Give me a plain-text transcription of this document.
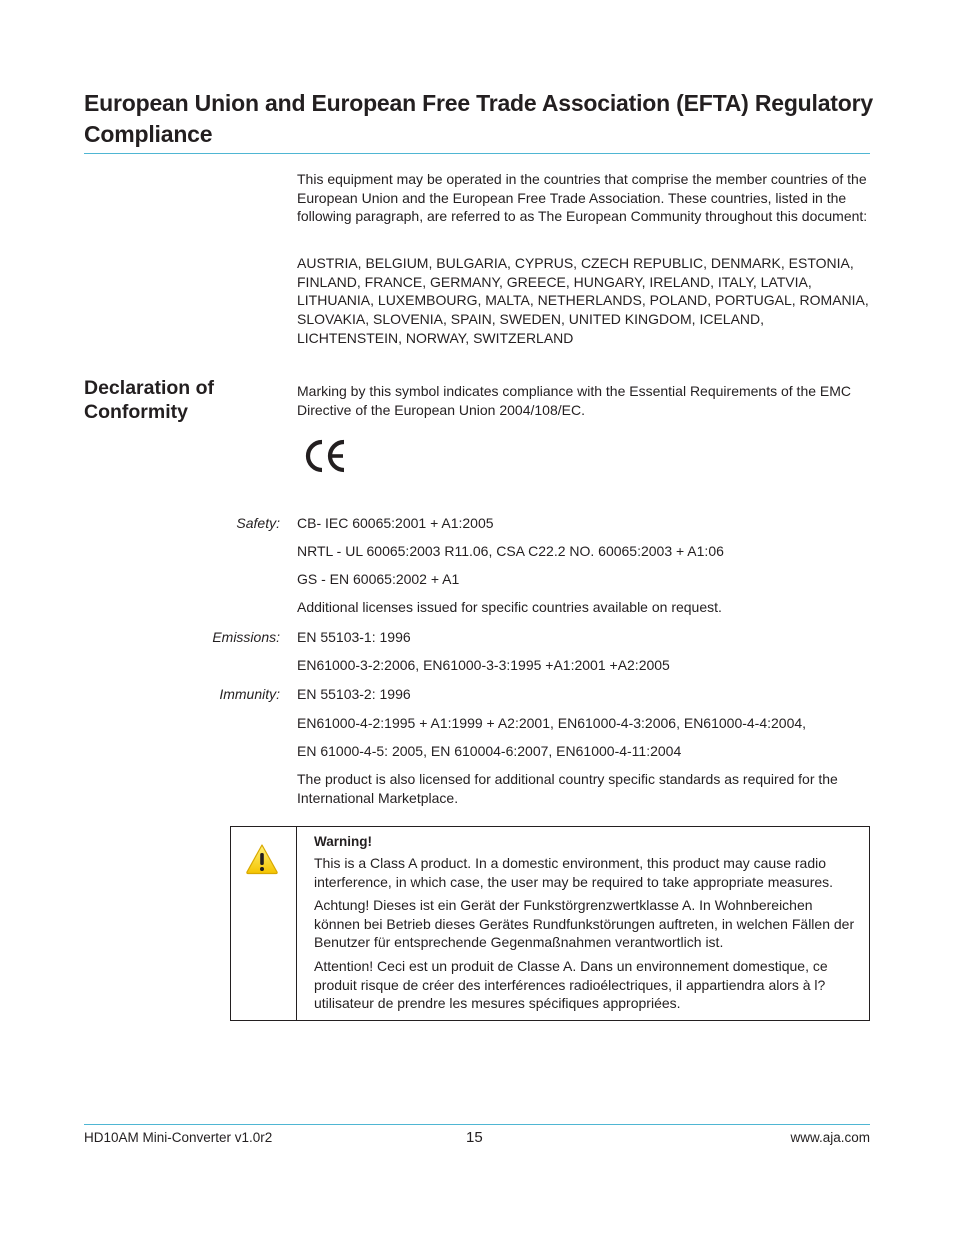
European Union and European Free Trade Association (EFTA) Regulatory Compliance

This equipment may be operated in the countries that comprise the member countries of the European Union and the European Free Trade Association. These countries, listed in the following paragraph, are referred to as The European Community throughout this document:

AUSTRIA, BELGIUM, BULGARIA, CYPRUS, CZECH REPUBLIC, DENMARK, ESTONIA, FINLAND, FRANCE, GERMANY, GREECE, HUNGARY, IRELAND, ITALY, LATVIA, LITHUANIA, LUXEMBOURG, MALTA, NETHERLANDS, POLAND, PORTUGAL, ROMANIA, SLOVAKIA, SLOVENIA, SPAIN, SWEDEN, UNITED KINGDOM, ICELAND, LICHTENSTEIN, NORWAY, SWITZERLAND

Declaration of Conformity

Marking by this symbol indicates compliance with the Essential Requirements of the EMC Directive of the European Union 2004/108/EC.

Safety: CB- IEC 60065:2001 + A1:2005
NRTL - UL 60065:2003 R11.06, CSA C22.2 NO. 60065:2003 + A1:06
GS - EN 60065:2002 + A1
Additional licenses issued for specific countries available on request.
Emissions: EN 55103-1: 1996
EN61000-3-2:2006, EN61000-3-3:1995 +A1:2001 +A2:2005
Immunity: EN 55103-2: 1996
EN61000-4-2:1995 + A1:1999 + A2:2001, EN61000-4-3:2006, EN61000-4-4:2004,
EN 61000-4-5: 2005, EN 610004-6:2007, EN61000-4-11:2004
The product is also licensed for additional country specific standards as required for the International Marketplace.
Warning!

This is a Class A product. In a domestic environment, this product may cause radio interference, in which case, the user may be required to take appropriate measures.

Achtung! Dieses ist ein Gerät der Funkstörgrenzwertklasse A. In Wohnbereichen können bei Betrieb dieses Gerätes Rundfunkstörungen auftreten, in welchen Fällen der Benutzer für entsprechende Gegenmaßnahmen verantwortlich ist.

Attention! Ceci est un produit de Classe A. Dans un environnement domestique, ce produit risque de créer des interférences radioélectriques, il appartiendra alors à l?utilisateur de prendre les mesures spécifiques appropriées.

HD10AM Mini-Converter v1.0r2	15	www.aja.com
